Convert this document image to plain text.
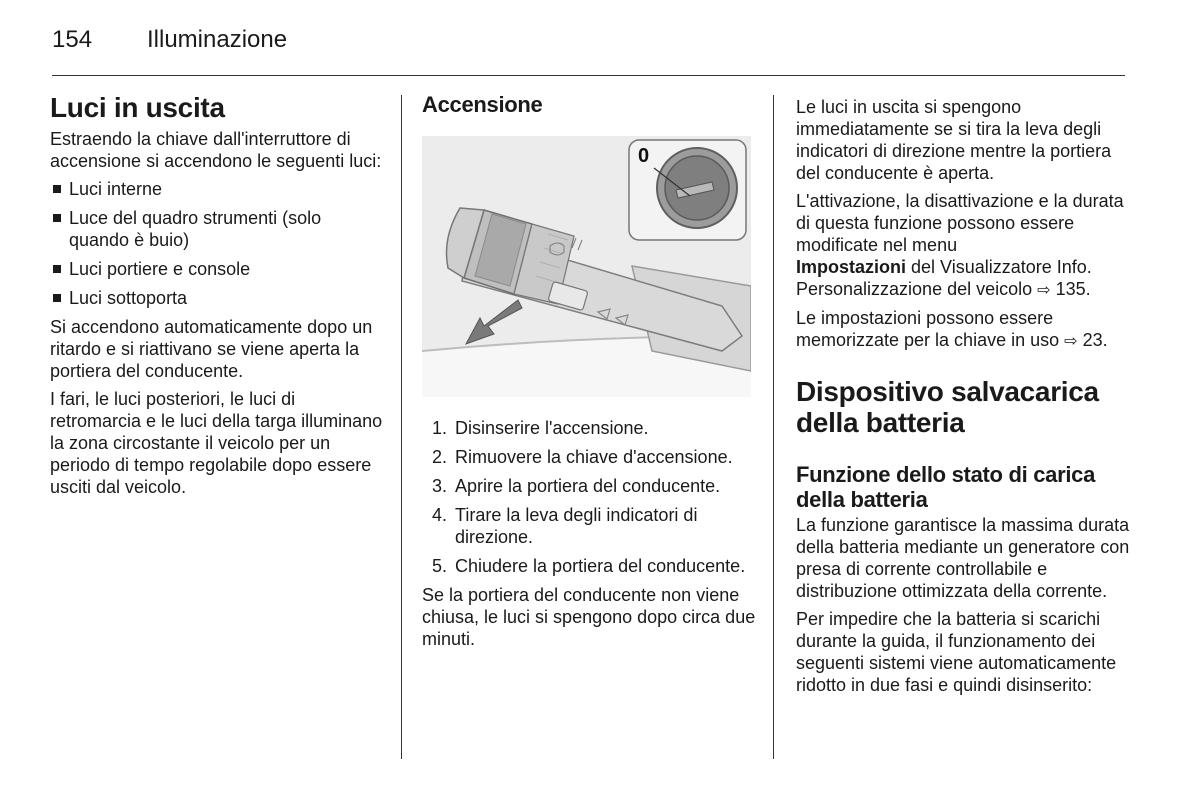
154 Illuminazione
Luci in uscita

Estraendo la chiave dall'interruttore di accensione si accendono le seguenti luci:

Luci interne
Luce del quadro strumenti (solo quando è buio)
Luci portiere e console
Luci sottoporta

Si accendono automaticamente dopo un ritardo e si riattivano se viene aperta la portiera del conducente.

I fari, le luci posteriori, le luci di retromarcia e le luci della targa illuminano la zona circostante il veicolo per un periodo di tempo regolabile dopo essere usciti dal veicolo.

Accensione
0
1. Disinserire l'accensione.
2. Rimuovere la chiave d'accensione.
3. Aprire la portiera del conducente.
4. Tirare la leva degli indicatori di direzione.
5. Chiudere la portiera del conducente.

Se la portiera del conducente non viene chiusa, le luci si spengono dopo circa due minuti.

Le luci in uscita si spengono immediatamente se si tira la leva degli indicatori di direzione mentre la portiera del conducente è aperta.

L'attivazione, la disattivazione e la durata di questa funzione possono essere modificate nel menu
Impostazioni del Visualizzatore Info. Personalizzazione del veicolo ⇨ 135.

Le impostazioni possono essere memorizzate per la chiave in uso ⇨ 23.

Dispositivo salvacarica della batteria
Funzione dello stato di carica della batteria

La funzione garantisce la massima durata della batteria mediante un generatore con presa di corrente controllabile e distribuzione ottimizzata della corrente.

Per impedire che la batteria si scarichi durante la guida, il funzionamento dei seguenti sistemi viene automaticamente ridotto in due fasi e quindi disinserito:
